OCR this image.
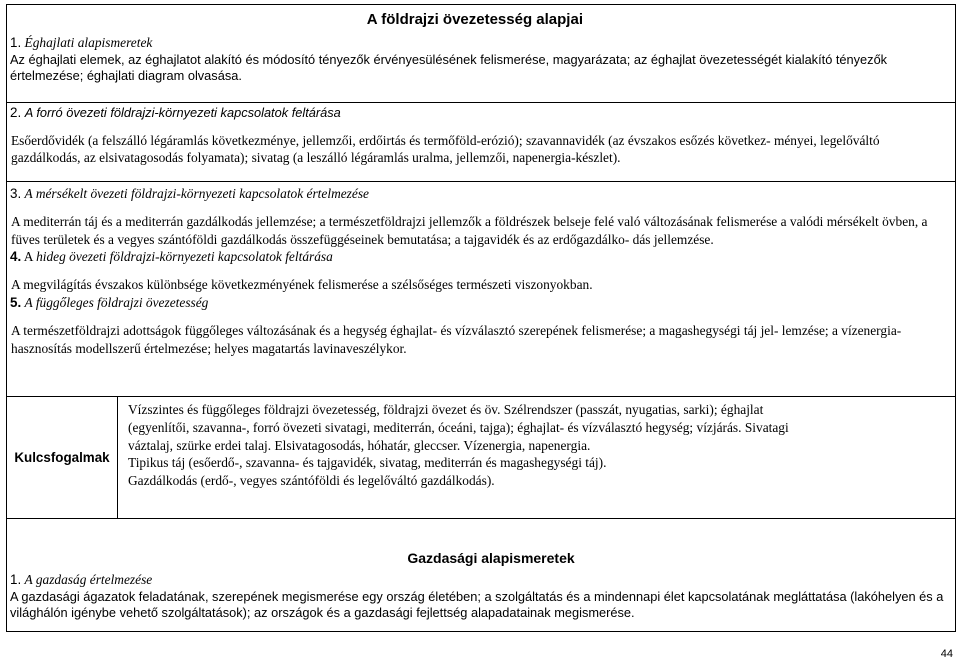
A földrajzi övezetesség alapjai

1. Éghajlati alapismeretek

Az éghajlati elemek, az éghajlatot alakító és módosító tényezők érvényesülésének felismerése, magyarázata; az éghajlat övezetességét kialakító tényezők értelmezése; éghajlati diagram olvasása.

2. A forró övezeti földrajzi-környezeti kapcsolatok feltárása

Esőerdővidék (a felszálló légáramlás következménye, jellemzői, erdőirtás és termőföld-erózió); szavannavidék (az évszakos esőzés következ- ményei, legelőváltó gazdálkodás, az elsivatagosodás folyamata); sivatag (a leszálló légáramlás uralma, jellemzői, napenergia-készlet).

3. A mérsékelt övezeti földrajzi-környezeti kapcsolatok értelmezése

A mediterrán táj és a mediterrán gazdálkodás jellemzése; a természetföldrajzi jellemzők a földrészek belseje felé való változásának felismerése a valódi mérsékelt övben, a füves területek és a vegyes szántóföldi gazdálkodás összefüggéseinek bemutatása; a tajgavidék és az erdőgazdálko- dás jellemzése.

4. A hideg övezeti földrajzi-környezeti kapcsolatok feltárása

A megvilágítás évszakos különbsége következményének felismerése a szélsőséges természeti viszonyokban.

5. A függőleges földrajzi övezetesség

A természetföldrajzi adottságok függőleges változásának és a hegység éghajlat- és vízválasztó szerepének felismerése; a magashegységi táj jel- lemzése; a vízenergia-hasznosítás modellszerű értelmezése; helyes magatartás lavinaveszélykor.

Kulcsfogalmak
Vízszintes és függőleges földrajzi övezetesség, földrajzi övezet és öv. Szélrendszer (passzát, nyugatias, sarki); éghajlat
(egyenlítői, szavanna-, forró övezeti sivatagi, mediterrán, óceáni, tajga); éghajlat- és vízválasztó hegység; vízjárás. Sivatagi
váztalaj, szürke erdei talaj. Elsivatagosodás, hóhatár, gleccser. Vízenergia, napenergia.
Tipikus táj (esőerdő-, szavanna- és tajgavidék, sivatag, mediterrán és magashegységi táj).
Gazdálkodás (erdő-, vegyes szántóföldi és legelőváltó gazdálkodás).
Gazdasági alapismeretek

1. A gazdaság értelmezése

A gazdasági ágazatok feladatának, szerepének megismerése egy ország életében; a szolgáltatás és a mindennapi élet kapcsolatának megláttatása (lakóhelyen és a világhálón igénybe vehető szolgáltatások); az országok és a gazdasági fejlettség alapadatainak megismerése.

44
